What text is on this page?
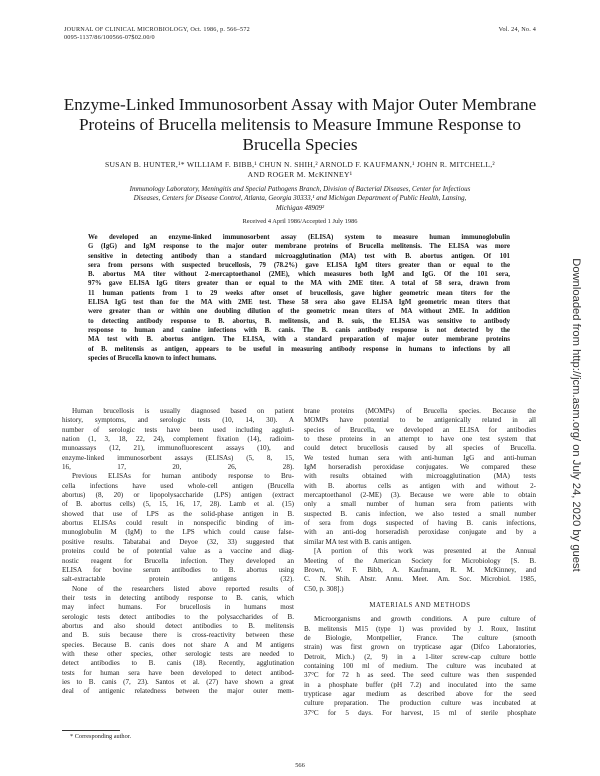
JOURNAL OF CLINICAL MICROBIOLOGY, Oct. 1986, p. 566–572
0095-1137/86/100566-07$02.00/0
Vol. 24, No. 4
Enzyme-Linked Immunosorbent Assay with Major Outer Membrane
Proteins of Brucella melitensis to Measure Immune Response to
Brucella Species
SUSAN B. HUNTER,¹* WILLIAM F. BIBB,¹ CHUN N. SHIH,² ARNOLD F. KAUFMANN,¹ JOHN R. MITCHELL,²
AND ROGER M. McKINNEY¹
Immunology Laboratory, Meningitis and Special Pathogens Branch, Division of Bacterial Diseases, Center for Infectious
Diseases, Centers for Disease Control, Atlanta, Georgia 30333,¹ and Michigan Department of Public Health, Lansing,
Michigan 48909²
Received 4 April 1986/Accepted 1 July 1986
We developed an enzyme-linked immunosorbent assay (ELISA) system to measure human immunoglobulin
G (IgG) and IgM response to the major outer membrane proteins of Brucella melitensis. The ELISA was more
sensitive in detecting antibody than a standard microagglutination (MA) test with B. abortus antigen. Of 101
sera from persons with suspected brucellosis, 79 (78.2%) gave ELISA IgM titers greater than or equal to the
B. abortus MA titer without 2-mercaptoethanol (2ME), which measures both IgM and IgG. Of the 101 sera,
97% gave ELISA IgG titers greater than or equal to the MA with 2ME titer. A total of 58 sera, drawn from
11 human patients from 1 to 29 weeks after onset of brucellosis, gave higher geometric mean titers for the
ELISA IgG test than for the MA with 2ME test. These 58 sera also gave ELISA IgM geometric mean titers that
were greater than or within one doubling dilution of the geometric mean titers of MA without 2ME. In addition
to detecting antibody response to B. abortus, B. melitensis, and B. suis, the ELISA was sensitive to antibody
response to human and canine infections with B. canis. The B. canis antibody response is not detected by the
MA test with B. abortus antigen. The ELISA, with a standard preparation of major outer membrane proteins
of B. melitensis as antigen, appears to be useful in measuring antibody response in humans to infections by all
species of Brucella known to infect humans.
Human brucellosis is usually diagnosed based on patient
history, symptoms, and serologic tests (10, 14, 30). A
number of serologic tests have been used including aggluti-
nation (1, 3, 18, 22, 24), complement fixation (14), radioim-
munoassays (12, 21), immunofluorescent assays (10), and
enzyme-linked immunosorbent assays (ELISAs) (5, 8, 15,
16, 17, 20, 26, 28).
Previous ELISAs for human antibody response to Bru-
cella infections have used whole-cell antigen (Brucella
abortus) (8, 20) or lipopolysaccharide (LPS) antigen (extract
of B. abortus cells) (5, 15, 16, 17, 28). Lamb et al. (15)
showed that use of LPS as the solid-phase antigen in B.
abortus ELISAs could result in nonspecific binding of im-
munoglobulin M (IgM) to the LPS which could cause false-
positive results. Tabatabai and Deyoe (32, 33) suggested that
proteins could be of potential value as a vaccine and diag-
nostic reagent for Brucella infection. They developed an
ELISA for bovine serum antibodies to B. abortus using
salt-extractable protein antigens (32).
None of the researchers listed above reported results of
their tests in detecting antibody response to B. canis, which
may infect humans. For brucellosis in humans most
serologic tests detect antibodies to the polysaccharides of B.
abortus and also should detect antibodies to B. melitensis
and B. suis because there is cross-reactivity between these
species. Because B. canis does not share A and M antigens
with these other species, other serologic tests are needed to
detect antibodies to B. canis (18). Recently, agglutination
tests for human sera have been developed to detect antibod-
ies to B. canis (7, 23). Santos et al. (27) have shown a great
deal of antigenic relatedness between the major outer mem-
brane proteins (MOMPs) of Brucella species. Because the
MOMPs have potential to be antigenically related in all
species of Brucella, we developed an ELISA for antibodies
to these proteins in an attempt to have one test system that
could detect brucellosis caused by all species of Brucella.
We tested human sera with anti-human IgG and anti-human
IgM horseradish peroxidase conjugates. We compared these
with results obtained with microagglutination (MA) tests
with B. abortus cells as antigen with and without 2-
mercaptoethanol (2-ME) (3). Because we were able to obtain
only a small number of human sera from patients with
suspected B. canis infection, we also tested a small number
of sera from dogs suspected of having B. canis infections,
with an anti-dog horseradish peroxidase conjugate and by a
similar MA test with B. canis antigen.
[A portion of this work was presented at the Annual
Meeting of the American Society for Microbiology [S. B.
Brown, W. F. Bibb, A. Kaufmann, R. M. McKinney, and
C. N. Shih. Abstr. Annu. Meet. Am. Soc. Microbiol. 1985,
C50, p. 308].)
MATERIALS AND METHODS
Microorganisms and growth conditions. A pure culture of
B. melitensis M15 (type 1) was provided by J. Roux, Institut
de Biologie, Montpellier, France. The culture (smooth
strain) was first grown on trypticase agar (Difco Laboratories,
Detroit, Mich.) (2, 9) in a 1-liter screw-cap culture bottle
containing 100 ml of medium. The culture was incubated at
37°C for 72 h as seed. The seed culture was then suspended
in a phosphate buffer (pH 7.2) and inoculated into the same
trypticase agar medium as described above for the seed
culture preparation. The production culture was incubated at
37°C for 5 days. For harvest, 15 ml of sterile phosphate
* Corresponding author.
566
Downloaded from http://jcm.asm.org/ on July 24, 2020 by guest
